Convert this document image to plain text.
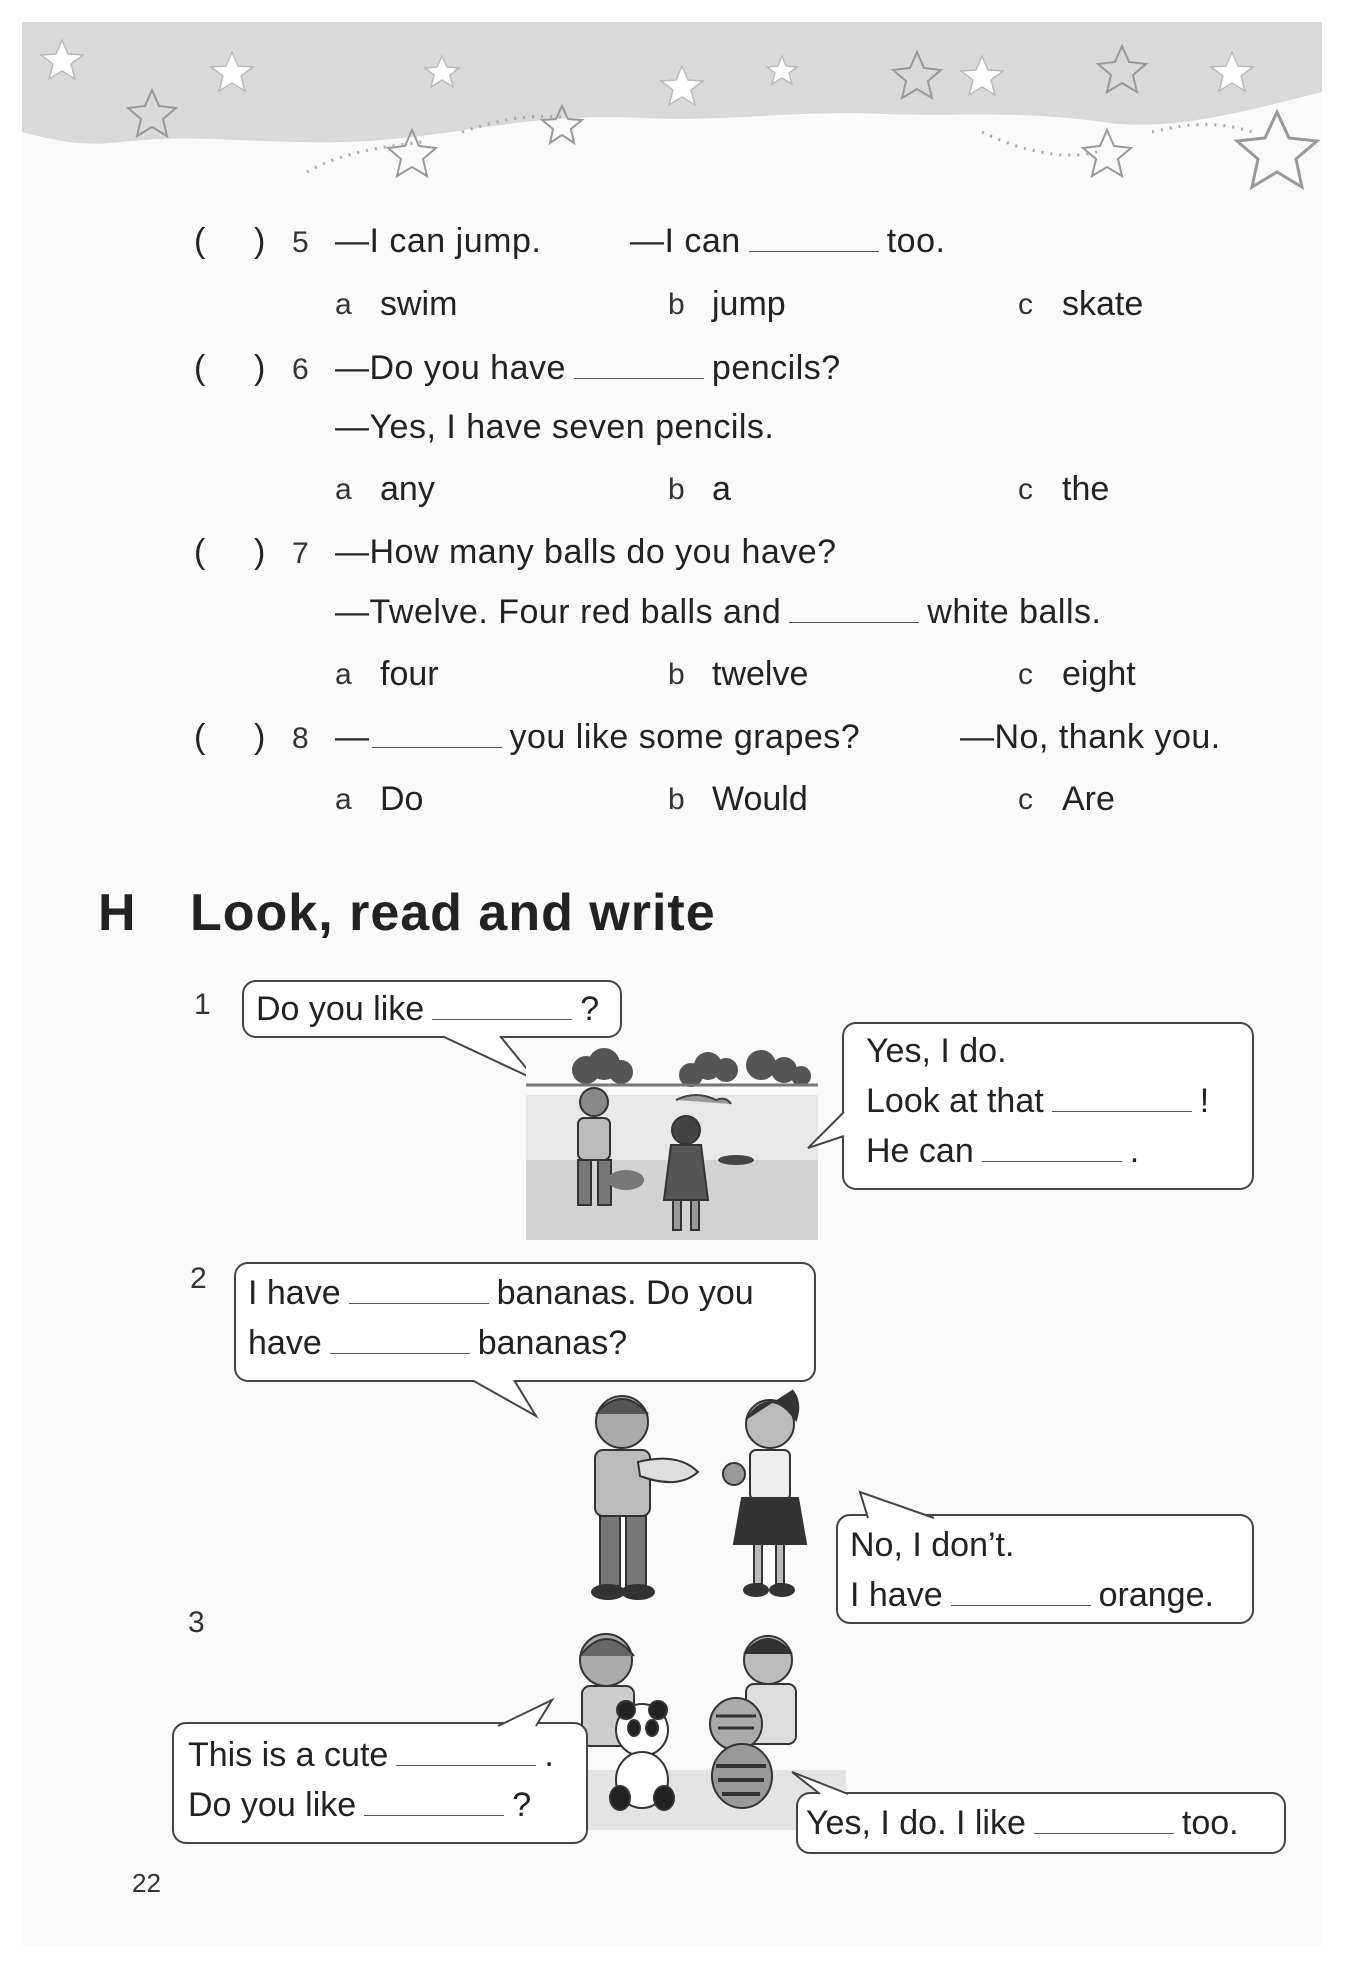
( ) 5 —I can jump.	—I can	too.
a swim	b jump	c skate
( ) 6 —Do you have	pencils?
—Yes, I have seven pencils.
a any	b a	c the
( ) 7 —How many balls do you have?
—Twelve. Four red balls and	white balls.
a four	b twelve	c eight
( ) 8 —	you like some grapes?	—No, thank you.
a Do	b Would	c Are
H Look, read and write
1 Do you like	?
Yes, I do.
Look at that	!
He can	.
2 I have	bananas. Do you
have	bananas?
No, I don’t.
I have	orange.
3
This is a cute	.
Do you like	?	Yes, I do. I like	too.
22
